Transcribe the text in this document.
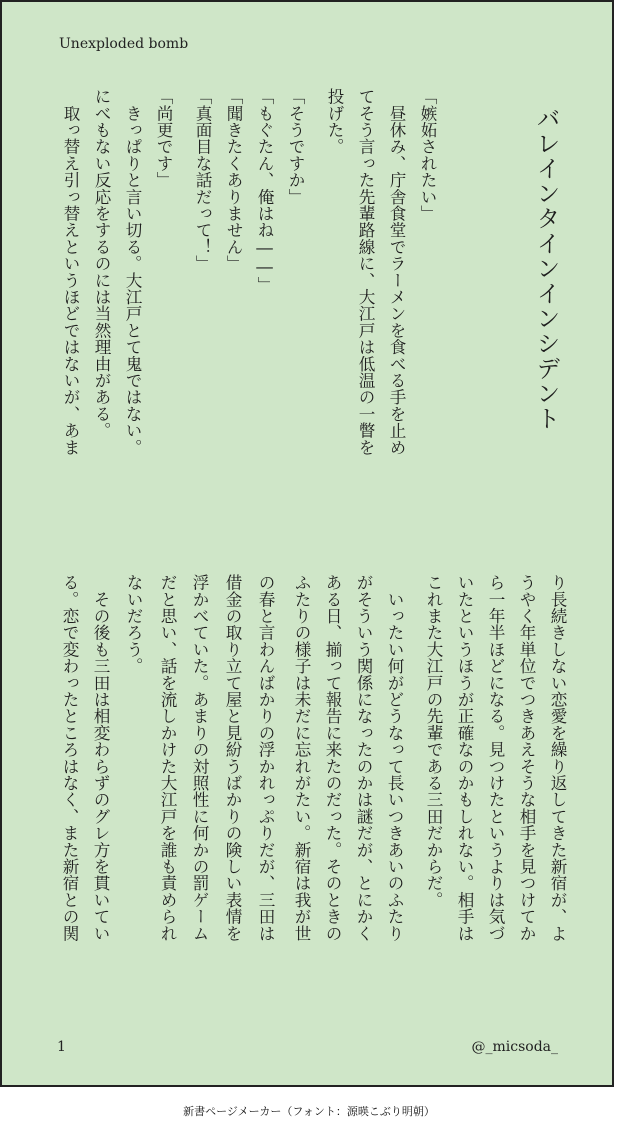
Unexploded bomb
バレインタインインシデント
「嫉妬されたい」
　昼休み、庁舎食堂でラーメンを食べる手を止め
てそう言った先輩路線に、大江戸は低温の一瞥を
投げた。
「そうですか」
「もぐたん、俺はね――」
「聞きたくありません」
「真面目な話だって！」
「尚更です」
　きっぱりと言い切る。大江戸とて鬼ではない。
にべもない反応をするのには当然理由がある。
　取っ替え引っ替えというほどではないが、あま
り長続きしない恋愛を繰り返してきた新宿が、よ
うやく年単位でつきあえそうな相手を見つけてか
ら一年半ほどになる。見つけたというよりは気づ
いたというほうが正確なのかもしれない。相手は
これまた大江戸の先輩である三田だからだ。
　いったい何がどうなって長いつきあいのふたり
がそういう関係になったのかは謎だが、とにかく
ある日、揃って報告に来たのだった。そのときの
ふたりの様子は未だに忘れがたい。新宿は我が世
の春と言わんばかりの浮かれっぷりだが、三田は
借金の取り立て屋と見紛うばかりの険しい表情を
浮かべていた。あまりの対照性に何かの罰ゲーム
だと思い、話を流しかけた大江戸を誰も責められ
ないだろう。
　その後も三田は相変わらずのグレ方を貫いてい
る。恋で変わったところはなく、また新宿との関
1	@_micsoda_
新書ページメーカー（フォント：源暎こぶり明朝）
